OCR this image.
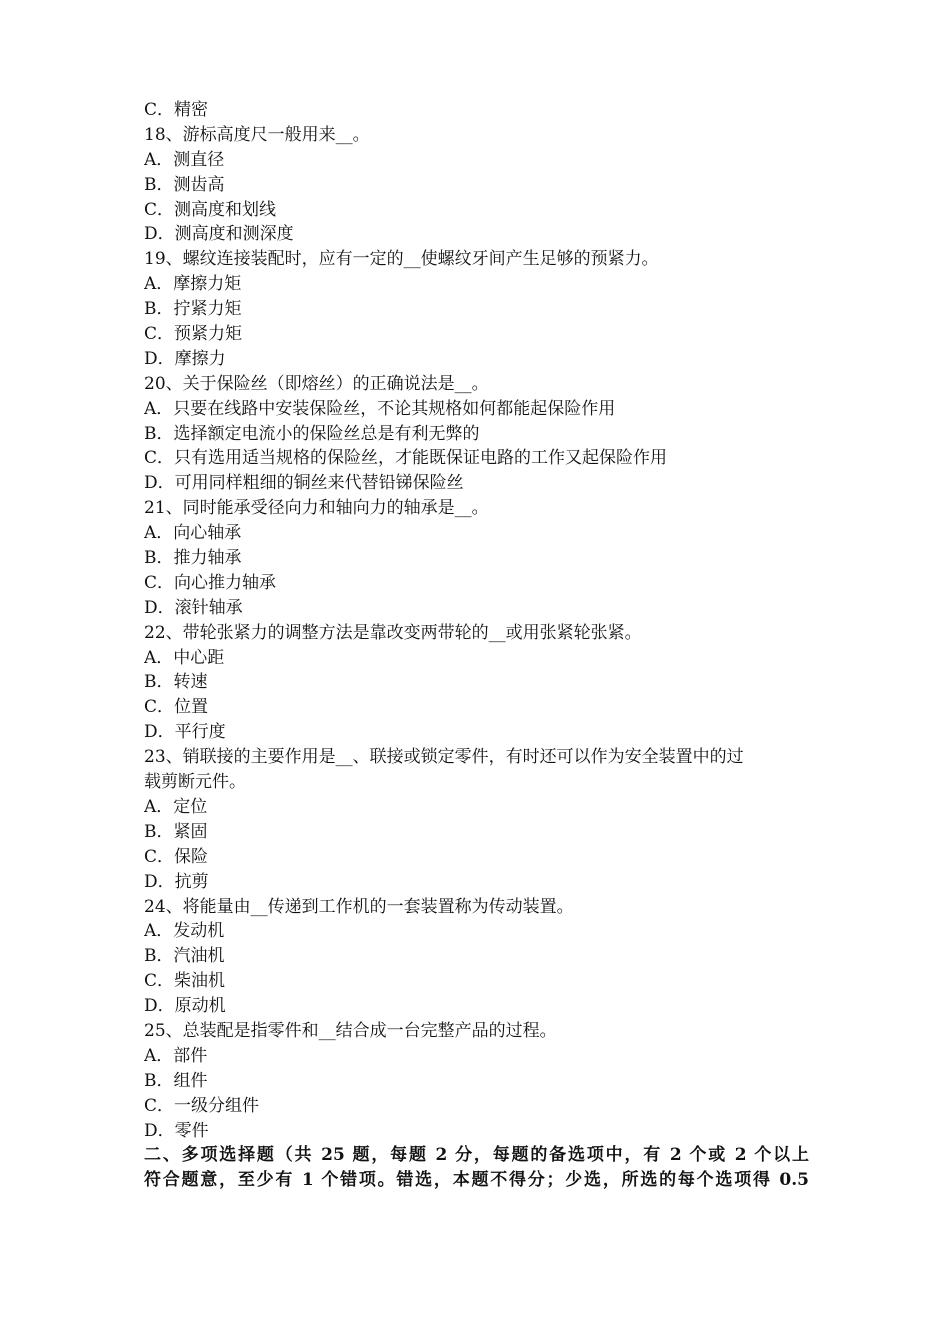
C．精密
18、游标高度尺一般用来__。
A．测直径
B．测齿高
C．测高度和划线
D．测高度和测深度
19、螺纹连接装配时，应有一定的__使螺纹牙间产生足够的预紧力。
A．摩擦力矩
B．拧紧力矩
C．预紧力矩
D．摩擦力
20、关于保险丝（即熔丝）的正确说法是__。
A．只要在线路中安装保险丝，不论其规格如何都能起保险作用
B．选择额定电流小的保险丝总是有利无弊的
C．只有选用适当规格的保险丝，才能既保证电路的工作又起保险作用
D．可用同样粗细的铜丝来代替铅锑保险丝
21、同时能承受径向力和轴向力的轴承是__。
A．向心轴承
B．推力轴承
C．向心推力轴承
D．滚针轴承
22、带轮张紧力的调整方法是靠改变两带轮的__或用张紧轮张紧。
A．中心距
B．转速
C．位置
D．平行度
23、销联接的主要作用是__、联接或锁定零件，有时还可以作为安全装置中的过
载剪断元件。
A．定位
B．紧固
C．保险
D．抗剪
24、将能量由__传递到工作机的一套装置称为传动装置。
A．发动机
B．汽油机
C．柴油机
D．原动机
25、总装配是指零件和__结合成一台完整产品的过程。
A．部件
B．组件
C．一级分组件
D．零件
二、多项选择题（共 25 题，每题 2 分，每题的备选项中，有 2 个或 2 个以上
符合题意，至少有 1 个错项。错选，本题不得分；少选，所选的每个选项得 0.5
